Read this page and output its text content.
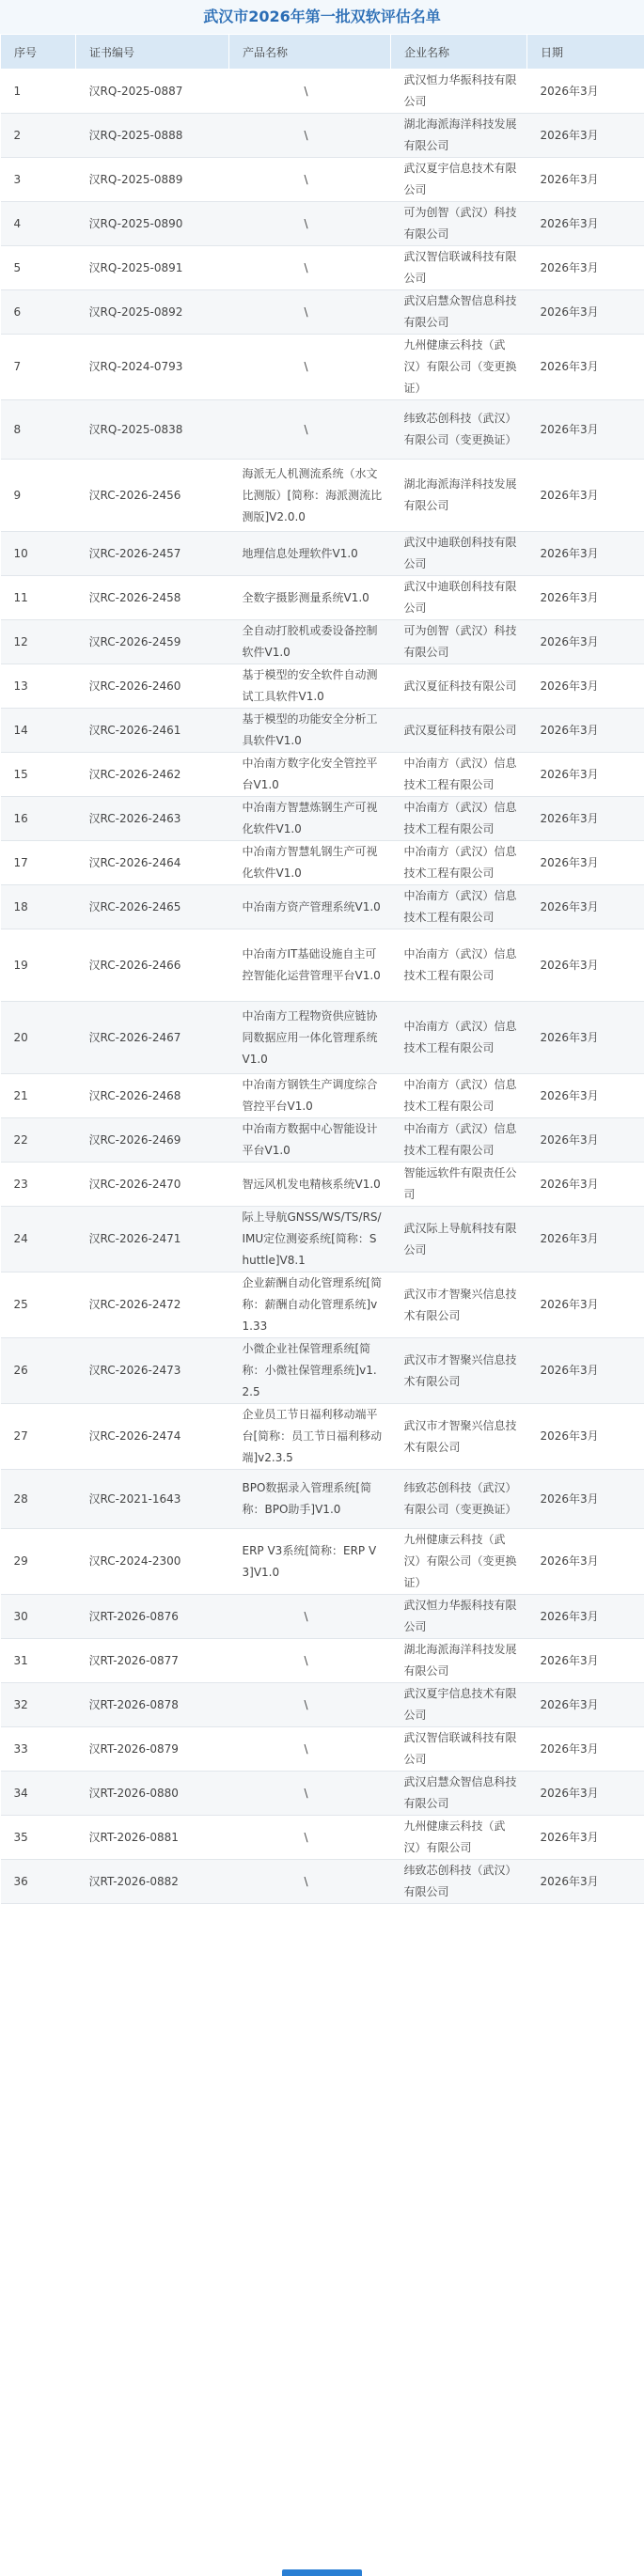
武汉市2026年第一批双软评估名单
序号	证书编号	产品名称	企业名称	日期
1	汉RQ-2025-0887	\	武汉恒力华振科技有限公司	2026年3月
2	汉RQ-2025-0888	\	湖北海派海洋科技发展有限公司	2026年3月
3	汉RQ-2025-0889	\	武汉夏宇信息技术有限公司	2026年3月
4	汉RQ-2025-0890	\	可为创智（武汉）科技有限公司	2026年3月
5	汉RQ-2025-0891	\	武汉智信联诚科技有限公司	2026年3月
6	汉RQ-2025-0892	\	武汉启慧众智信息科技有限公司	2026年3月
7	汉RQ-2024-0793	\	九州健康云科技（武汉）有限公司（变更换证）	2026年3月
8	汉RQ-2025-0838	\	纬致芯创科技（武汉）有限公司（变更换证）	2026年3月
9	汉RC-2026-2456	海派无人机测流系统（水文比测版）[简称：海派测流比测版]V2.0.0	湖北海派海洋科技发展有限公司	2026年3月
10	汉RC-2026-2457	地理信息处理软件V1.0	武汉中迪联创科技有限公司	2026年3月
11	汉RC-2026-2458	全数字摄影测量系统V1.0	武汉中迪联创科技有限公司	2026年3月
12	汉RC-2026-2459	全自动打胶机或委设备控制软件V1.0	可为创智（武汉）科技有限公司	2026年3月
13	汉RC-2026-2460	基于模型的安全软件自动测试工具软件V1.0	武汉夏征科技有限公司	2026年3月
14	汉RC-2026-2461	基于模型的功能安全分析工具软件V1.0	武汉夏征科技有限公司	2026年3月
15	汉RC-2026-2462	中冶南方数字化安全管控平台V1.0	中冶南方（武汉）信息技术工程有限公司	2026年3月
16	汉RC-2026-2463	中冶南方智慧炼钢生产可视化软件V1.0	中冶南方（武汉）信息技术工程有限公司	2026年3月
17	汉RC-2026-2464	中冶南方智慧轧钢生产可视化软件V1.0	中冶南方（武汉）信息技术工程有限公司	2026年3月
18	汉RC-2026-2465	中冶南方资产管理系统V1.0	中冶南方（武汉）信息技术工程有限公司	2026年3月
19	汉RC-2026-2466	中冶南方IT基础设施自主可控智能化运营管理平台V1.0	中冶南方（武汉）信息技术工程有限公司	2026年3月
20	汉RC-2026-2467	中冶南方工程物资供应链协同数据应用一体化管理系统V1.0	中冶南方（武汉）信息技术工程有限公司	2026年3月
21	汉RC-2026-2468	中冶南方钢铁生产调度综合管控平台V1.0	中冶南方（武汉）信息技术工程有限公司	2026年3月
22	汉RC-2026-2469	中冶南方数据中心智能设计平台V1.0	中冶南方（武汉）信息技术工程有限公司	2026年3月
23	汉RC-2026-2470	智远风机发电精核系统V1.0	智能远软件有限责任公司	2026年3月
24	汉RC-2026-2471	际上导航GNSS/WS/TS/RS/IMU定位测姿系统[简称：Shuttle]V8.1	武汉际上导航科技有限公司	2026年3月
25	汉RC-2026-2472	企业薪酬自动化管理系统[简称：薪酬自动化管理系统]v1.33	武汉市才智聚兴信息技术有限公司	2026年3月
26	汉RC-2026-2473	小微企业社保管理系统[简称：小微社保管理系统]v1.2.5	武汉市才智聚兴信息技术有限公司	2026年3月
27	汉RC-2026-2474	企业员工节日福利移动端平台[简称：员工节日福利移动端]v2.3.5	武汉市才智聚兴信息技术有限公司	2026年3月
28	汉RC-2021-1643	BPO数据录入管理系统[简称：BPO助手]V1.0	纬致芯创科技（武汉）有限公司（变更换证）	2026年3月
29	汉RC-2024-2300	ERP V3系统[简称：ERP V3]V1.0	九州健康云科技（武汉）有限公司（变更换证）	2026年3月
30	汉RT-2026-0876	\	武汉恒力华振科技有限公司	2026年3月
31	汉RT-2026-0877	\	湖北海派海洋科技发展有限公司	2026年3月
32	汉RT-2026-0878	\	武汉夏宇信息技术有限公司	2026年3月
33	汉RT-2026-0879	\	武汉智信联诚科技有限公司	2026年3月
34	汉RT-2026-0880	\	武汉启慧众智信息科技有限公司	2026年3月
35	汉RT-2026-0881	\	九州健康云科技（武汉）有限公司	2026年3月
36	汉RT-2026-0882	\	纬致芯创科技（武汉）有限公司	2026年3月
